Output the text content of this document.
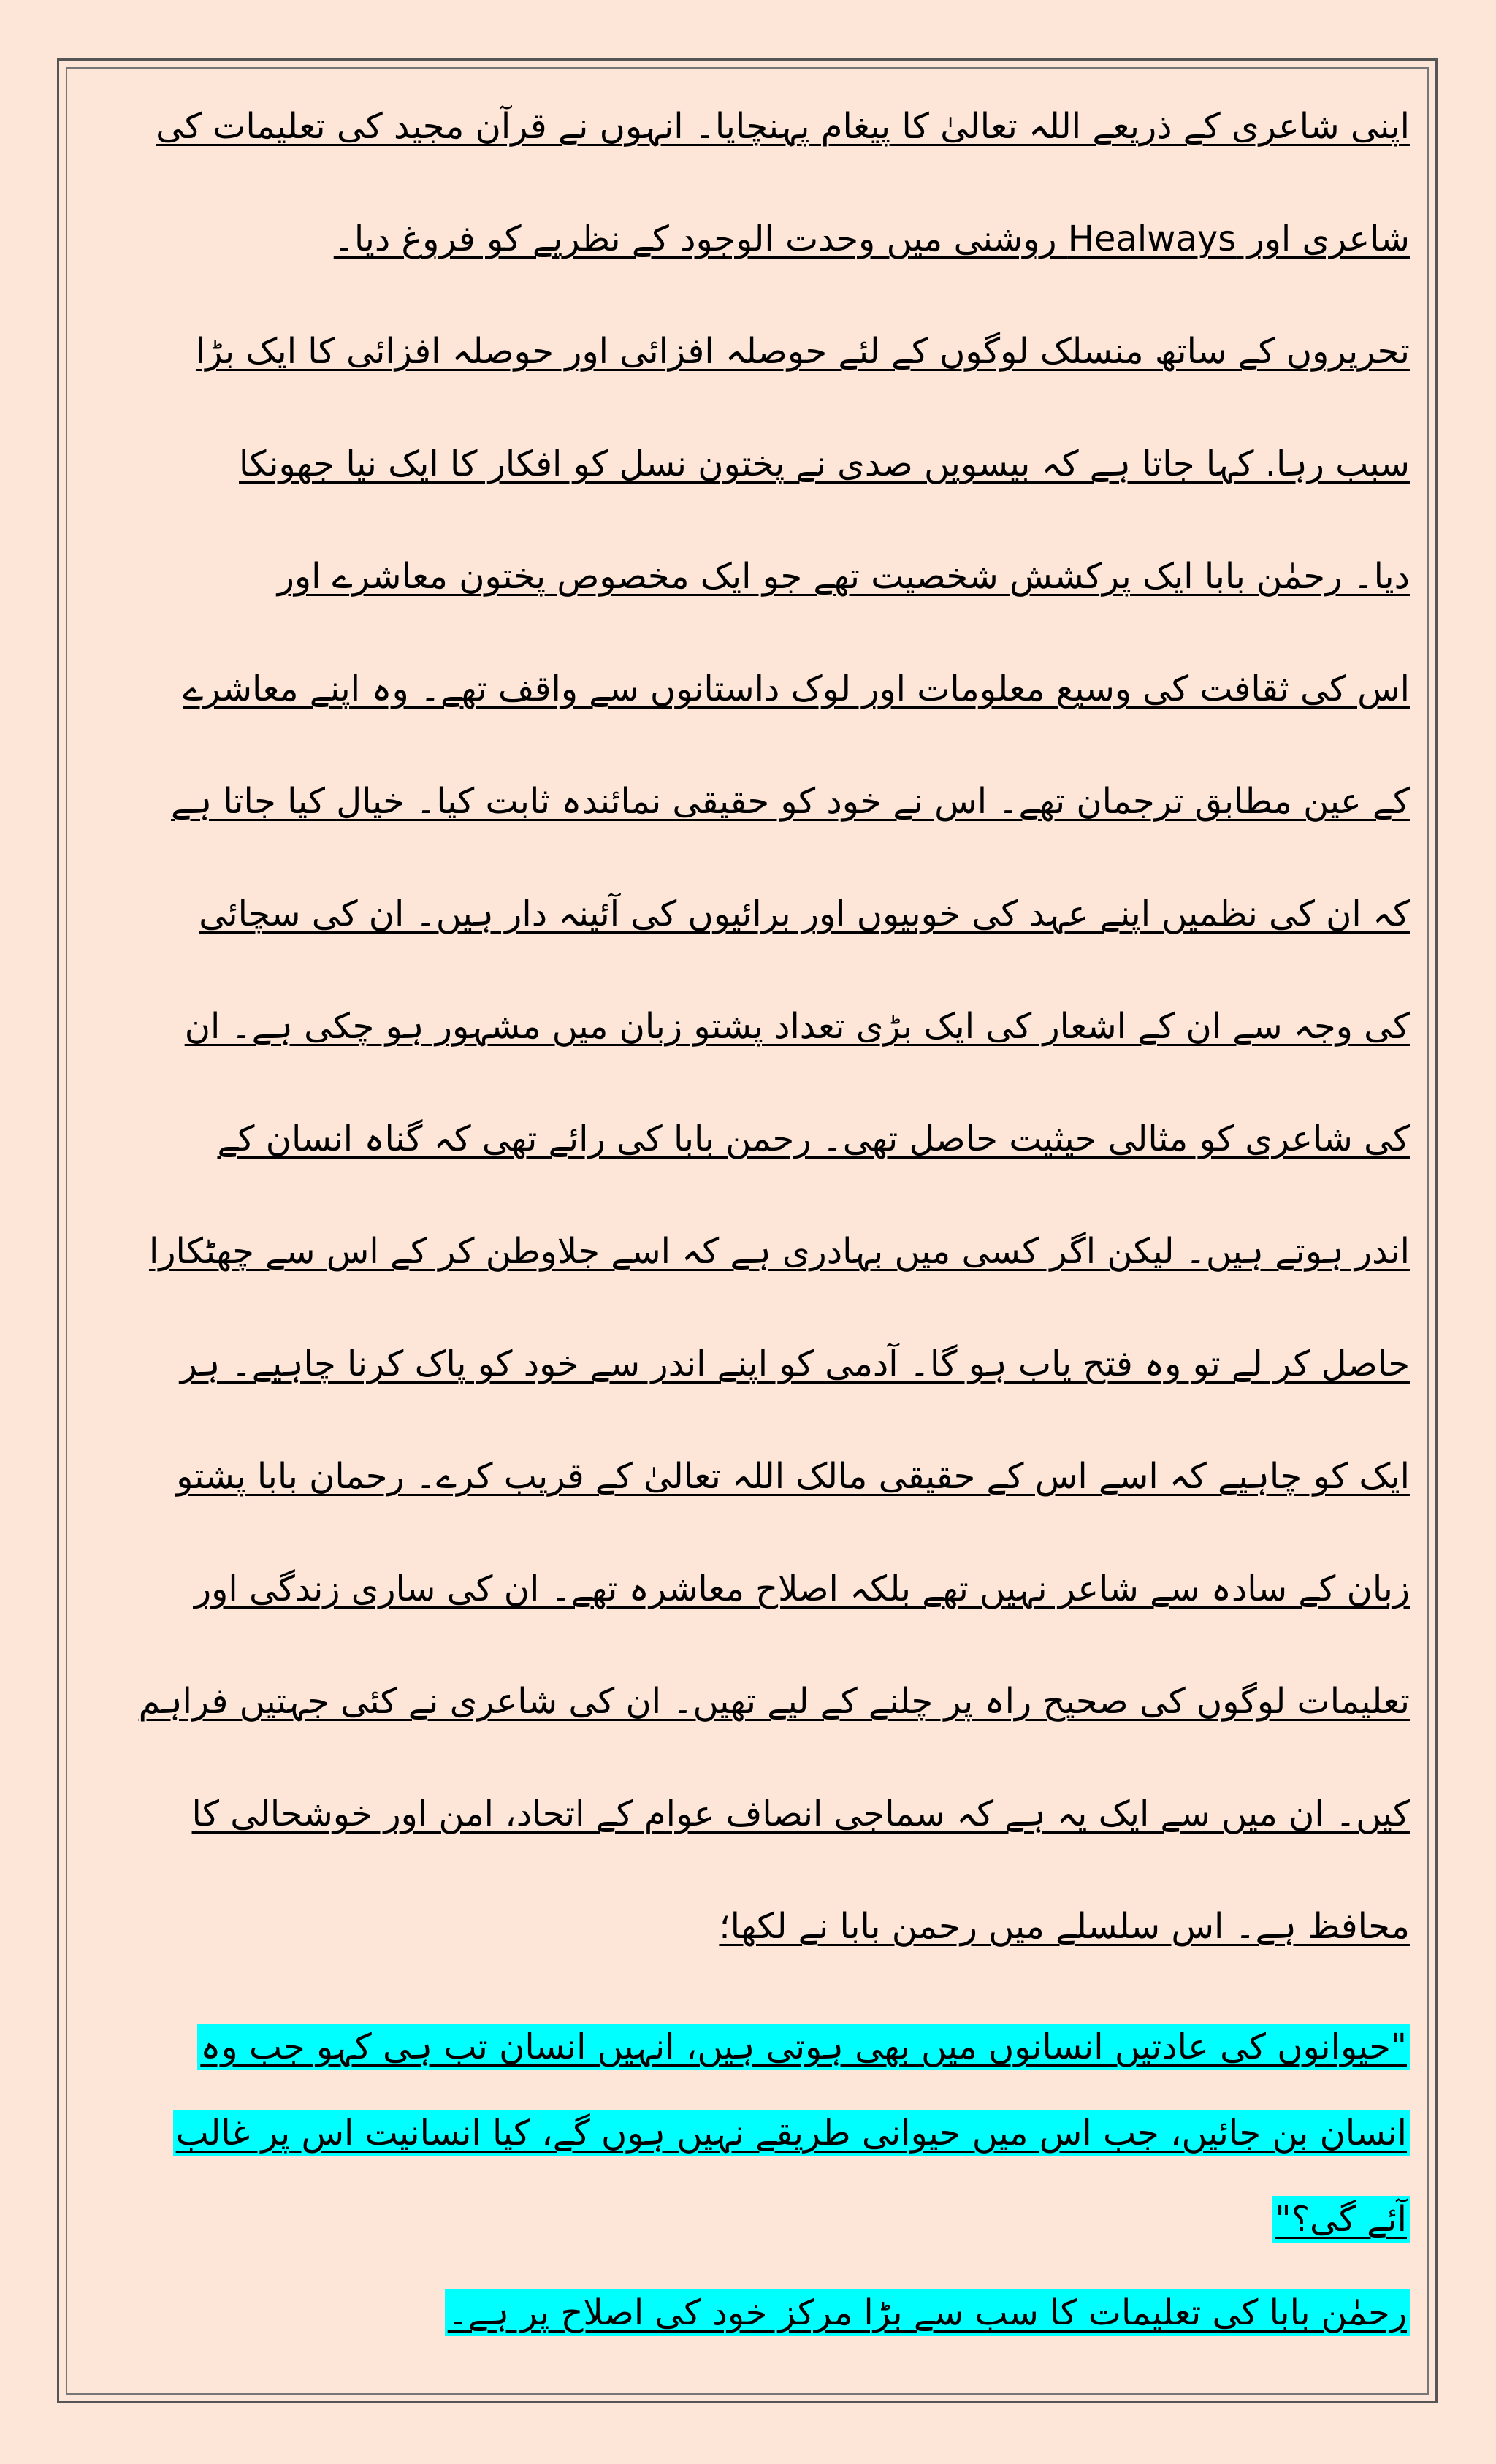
اپنی شاعری کے ذریعے اللہ تعالیٰ کا پیغام پہنچایا۔ انہوں نے قرآن مجید کی تعلیمات کی
شاعری اور Healways روشنی میں وحدت الوجود کے نظریے کو فروغ دیا۔
تحریروں کے ساتھ منسلک لوگوں کے لئے حوصلہ افزائی اور حوصلہ افزائی کا ایک بڑا
سبب رہا. کہا جاتا ہے کہ بیسویں صدی نے پختون نسل کو افکار کا ایک نیا جھونکا
دیا۔ رحمٰن بابا ایک پرکشش شخصیت تھے جو ایک مخصوص پختون معاشرے اور
اس کی ثقافت کی وسیع معلومات اور لوک داستانوں سے واقف تھے۔ وہ اپنے معاشرے
کے عین مطابق ترجمان تھے۔ اس نے خود کو حقیقی نمائندہ ثابت کیا۔ خیال کیا جاتا ہے
کہ ان کی نظمیں اپنے عہد کی خوبیوں اور برائیوں کی آئینہ دار ہیں۔ ان کی سچائی
کی وجہ سے ان کے اشعار کی ایک بڑی تعداد پشتو زبان میں مشہور ہو چکی ہے۔ ان
کی شاعری کو مثالی حیثیت حاصل تھی۔ رحمن بابا کی رائے تھی کہ گناہ انسان کے
اندر ہوتے ہیں۔ لیکن اگر کسی میں بہادری ہے کہ اسے جلاوطن کر کے اس سے چھٹکارا
حاصل کر لے تو وہ فتح یاب ہو گا۔ آدمی کو اپنے اندر سے خود کو پاک کرنا چاہیے۔ ہر
ایک کو چاہیے کہ اسے اس کے حقیقی مالک اللہ تعالیٰ کے قریب کرے۔ رحمان بابا پشتو
زبان کے سادہ سے شاعر نہیں تھے بلکہ اصلاح معاشرہ تھے۔ ان کی ساری زندگی اور
تعلیمات لوگوں کی صحیح راہ پر چلنے کے لیے تھیں۔ ان کی شاعری نے کئی جہتیں فراہم
کیں۔ ان میں سے ایک یہ ہے کہ سماجی انصاف عوام کے اتحاد، امن اور خوشحالی کا
محافظ ہے۔ اس سلسلے میں رحمن بابا نے لکھا؛
"حیوانوں کی عادتیں انسانوں میں بھی ہوتی ہیں، انہیں انسان تب ہی کہو جب وہ
انسان بن جائیں، جب اس میں حیوانی طریقے نہیں ہوں گے، کیا انسانیت اس پر غالب
آئے گی؟"
رحمٰن بابا کی تعلیمات کا سب سے بڑا مرکز خود کی اصلاح پر ہے۔
